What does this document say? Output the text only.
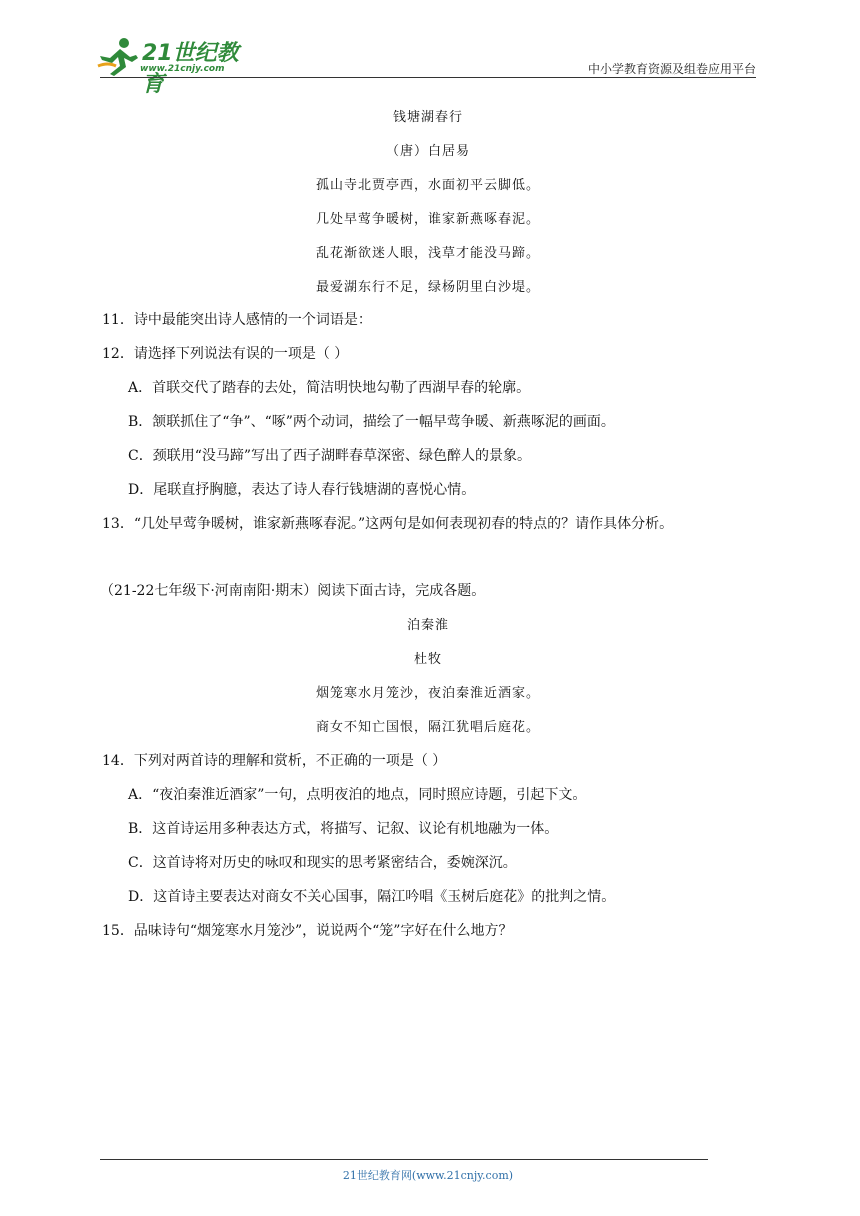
21世纪教育
www.21cnjy.com	中小学教育资源及组卷应用平台
钱塘湖春行
（唐）白居易
孤山寺北贾亭西，水面初平云脚低。
几处早莺争暖树，谁家新燕啄春泥。
乱花渐欲迷人眼，浅草才能没马蹄。
最爱湖东行不足，绿杨阴里白沙堤。
11．诗中最能突出诗人感情的一个词语是：
12．请选择下列说法有误的一项是（ ）
A．首联交代了踏春的去处，简洁明快地勾勒了西湖早春的轮廓。
B．颔联抓住了“争”、“啄”两个动词，描绘了一幅早莺争暖、新燕啄泥的画面。
C．颈联用“没马蹄”写出了西子湖畔春草深密、绿色醉人的景象。
D．尾联直抒胸臆，表达了诗人春行钱塘湖的喜悦心情。
13．“几处早莺争暖树，谁家新燕啄春泥。”这两句是如何表现初春的特点的？请作具体分析。
（21-22七年级下·河南南阳·期末）阅读下面古诗，完成各题。
泊秦淮
杜牧
烟笼寒水月笼沙，夜泊秦淮近酒家。
商女不知亡国恨，隔江犹唱后庭花。
14．下列对两首诗的理解和赏析，不正确的一项是（ ）
A．“夜泊秦淮近酒家”一句，点明夜泊的地点，同时照应诗题，引起下文。
B．这首诗运用多种表达方式，将描写、记叙、议论有机地融为一体。
C．这首诗将对历史的咏叹和现实的思考紧密结合，委婉深沉。
D．这首诗主要表达对商女不关心国事，隔江吟唱《玉树后庭花》的批判之情。
15．品味诗句“烟笼寒水月笼沙”，说说两个“笼”字好在什么地方？
21世纪教育网(www.21cnjy.com)
